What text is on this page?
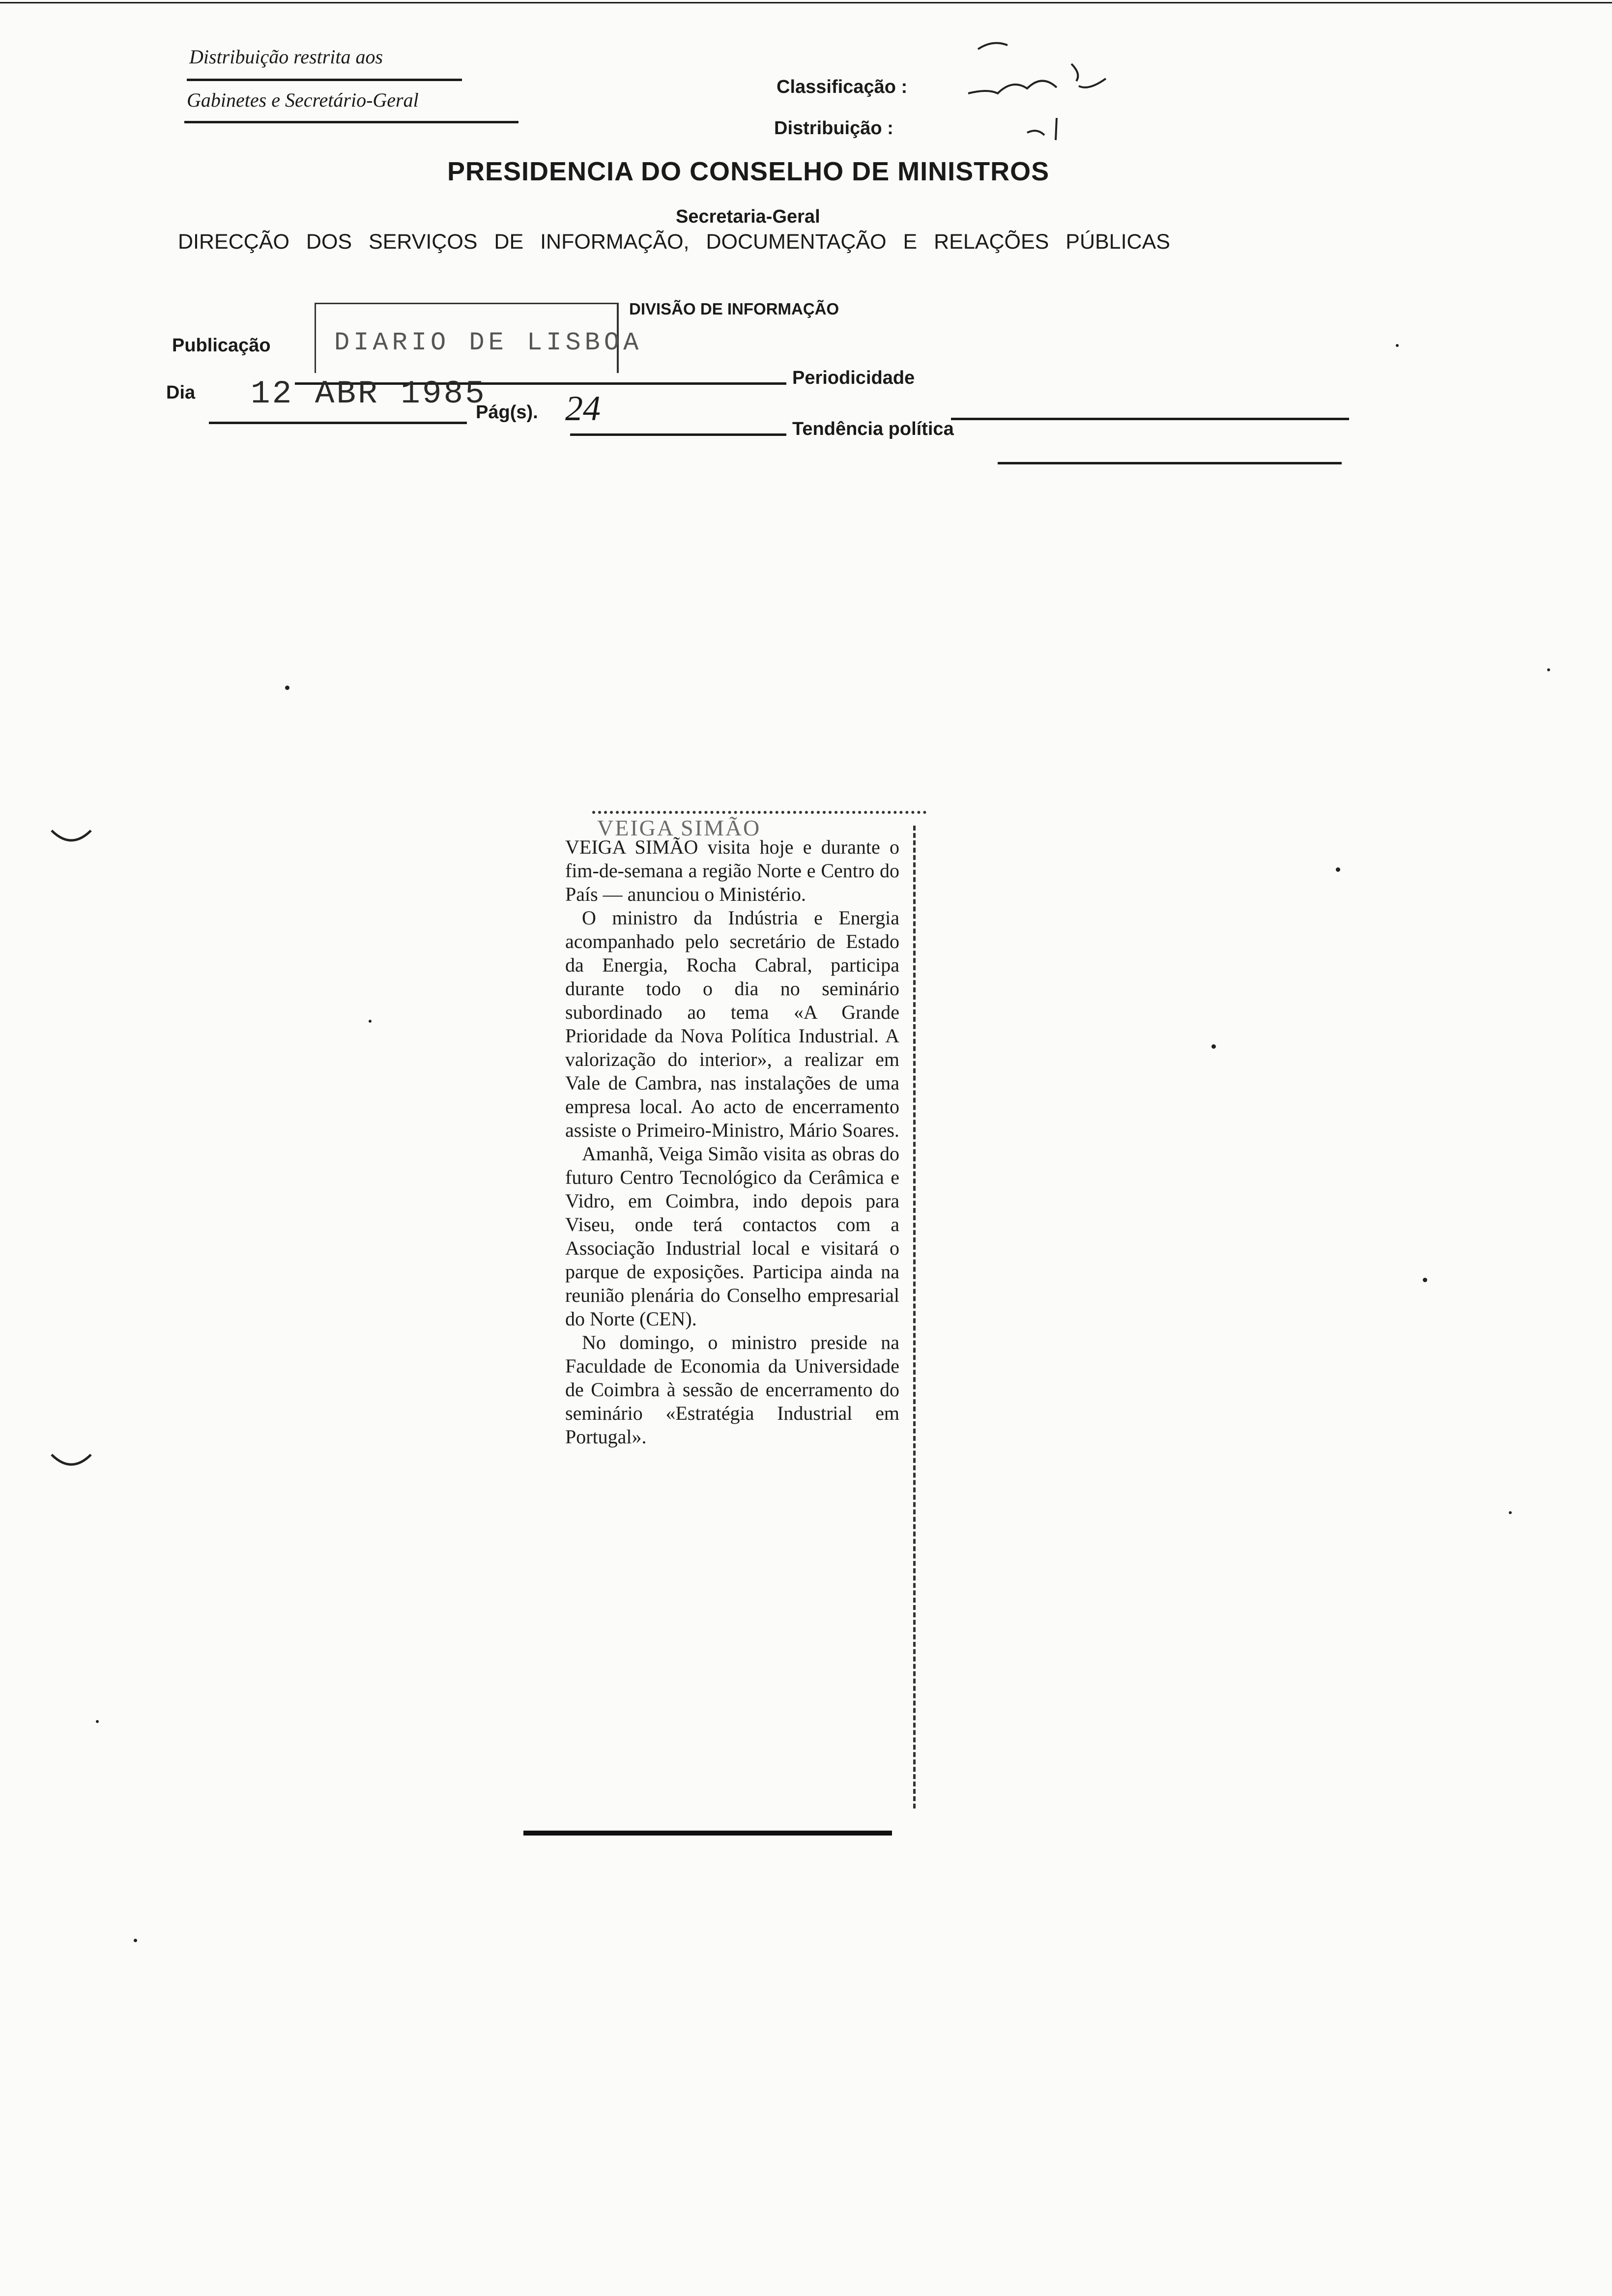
Distribuição restrita aos
Gabinetes e Secretário-Geral
Classificação :
Distribuição :
PRESIDENCIA DO CONSELHO DE MINISTROS
Secretaria-Geral
DIRECÇÃO DOS SERVIÇOS DE INFORMAÇÃO, DOCUMENTAÇÃO E RELAÇÕES PÚBLICAS
DIVISÃO DE INFORMAÇÃO
Publicação DIARIO DE LISBOA
Periodicidade
Dia 12 ABR 1985
Pág(s). 24
Tendência política
VEIGA SIMÃO

VEIGA SIMÃO visita hoje e durante o fim-de-semana a região Norte e Centro do País — anunciou o Ministério.

O ministro da Indústria e Energia acompanhado pelo secretário de Estado da Energia, Rocha Cabral, participa durante todo o dia no seminário subordinado ao tema «A Grande Prioridade da Nova Política Industrial. A valorização do interior», a realizar em Vale de Cambra, nas instalações de uma empresa local. Ao acto de encerramento assiste o Primeiro-Ministro, Mário Soares.

Amanhã, Veiga Simão visita as obras do futuro Centro Tecnológico da Cerâmica e Vidro, em Coimbra, indo depois para Viseu, onde terá contactos com a Associação Industrial local e visitará o parque de exposições. Participa ainda na reunião plenária do Conselho empresarial do Norte (CEN).

No domingo, o ministro preside na Faculdade de Economia da Universidade de Coimbra à sessão de encerramento do seminário «Estratégia Industrial em Portugal».
